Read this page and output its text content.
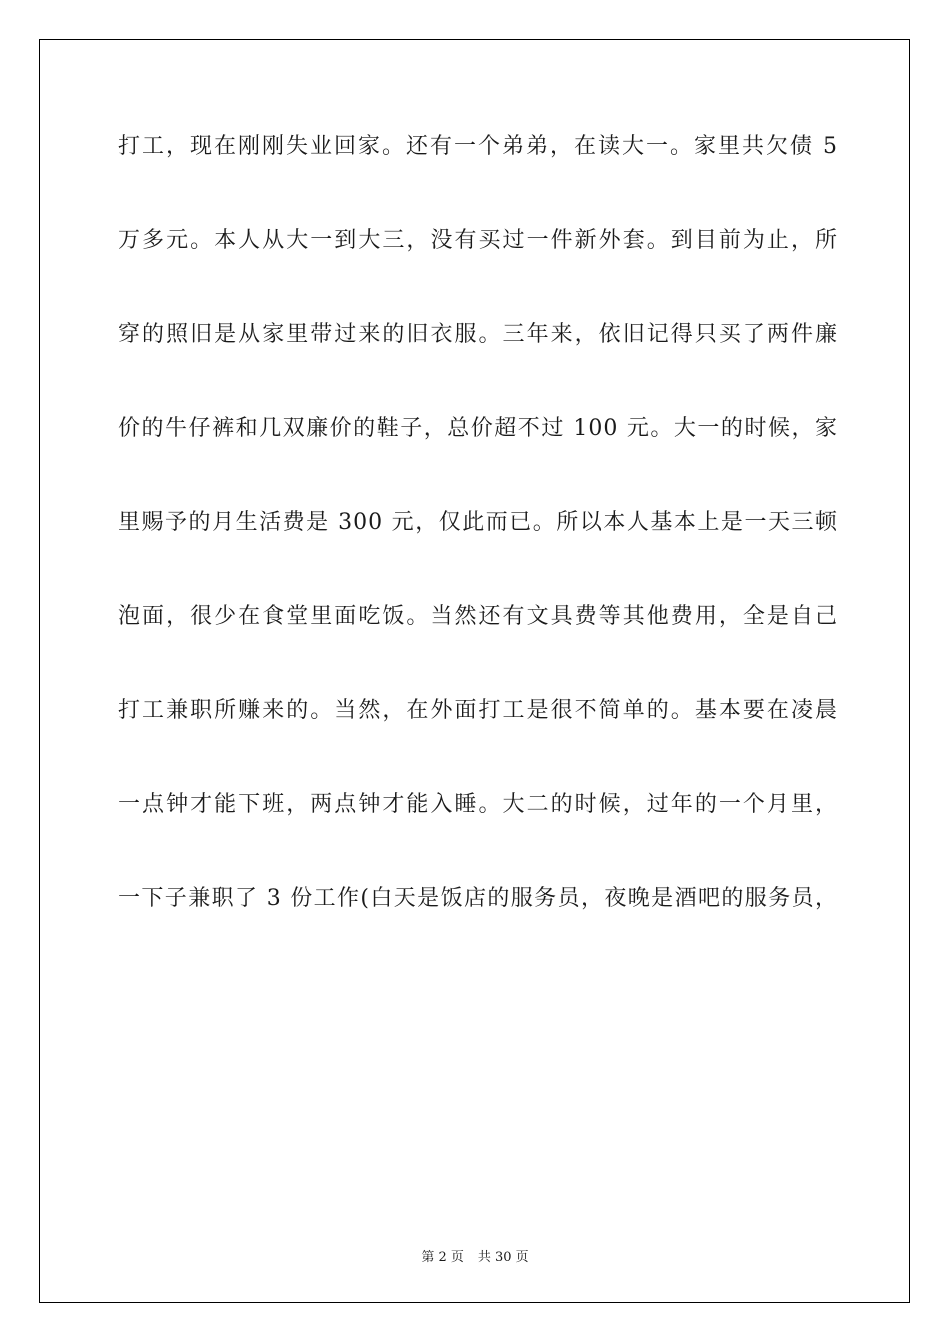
打工，现在刚刚失业回家。还有一个弟弟，在读大一。家里共欠债 5
万多元。本人从大一到大三，没有买过一件新外套。到目前为止，所
穿的照旧是从家里带过来的旧衣服。三年来，依旧记得只买了两件廉
价的牛仔裤和几双廉价的鞋子，总价超不过 100 元。大一的时候，家
里赐予的月生活费是 300 元，仅此而已。所以本人基本上是一天三顿
泡面，很少在食堂里面吃饭。当然还有文具费等其他费用，全是自己
打工兼职所赚来的。当然，在外面打工是很不简单的。基本要在凌晨
一点钟才能下班，两点钟才能入睡。大二的时候，过年的一个月里，
一下子兼职了 3 份工作(白天是饭店的服务员，夜晚是酒吧的服务员，
第 2 页 共 30 页
